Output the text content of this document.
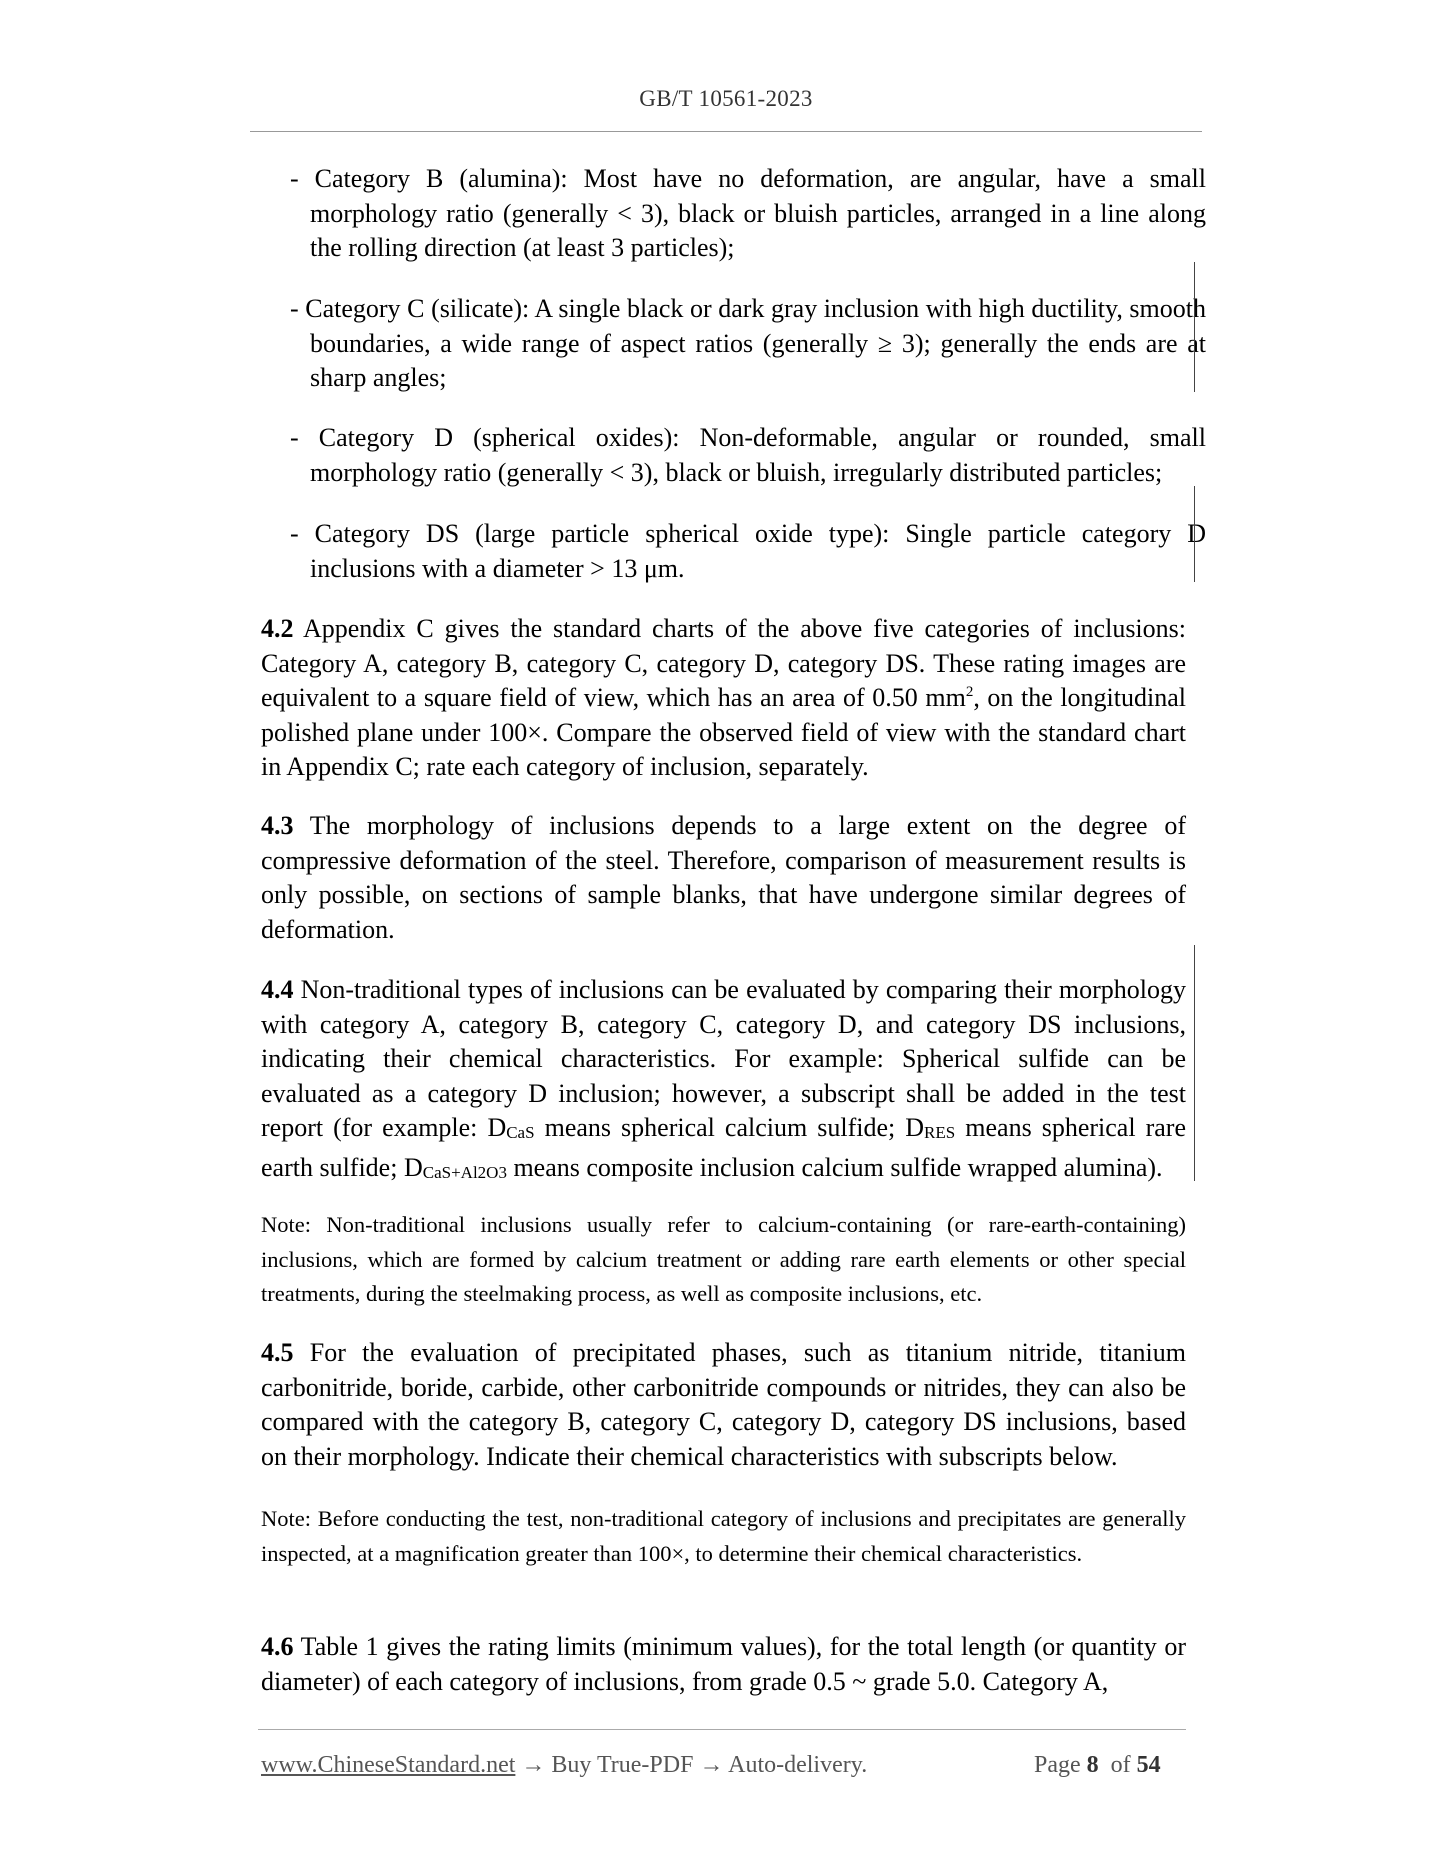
GB/T 10561-2023
- Category B (alumina): Most have no deformation, are angular, have a small morphology ratio (generally < 3), black or bluish particles, arranged in a line along the rolling direction (at least 3 particles);
- Category C (silicate): A single black or dark gray inclusion with high ductility, smooth boundaries, a wide range of aspect ratios (generally ≥ 3); generally the ends are at sharp angles;
- Category D (spherical oxides): Non-deformable, angular or rounded, small morphology ratio (generally < 3), black or bluish, irregularly distributed particles;
- Category DS (large particle spherical oxide type): Single particle category D inclusions with a diameter > 13 μm.
4.2 Appendix C gives the standard charts of the above five categories of inclusions: Category A, category B, category C, category D, category DS. These rating images are equivalent to a square field of view, which has an area of 0.50 $mm^2$, on the longitudinal polished plane under 100×. Compare the observed field of view with the standard chart in Appendix C; rate each category of inclusion, separately.
4.3 The morphology of inclusions depends to a large extent on the degree of compressive deformation of the steel. Therefore, comparison of measurement results is only possible, on sections of sample blanks, that have undergone similar degrees of deformation.
4.4 Non-traditional types of inclusions can be evaluated by comparing their morphology with category A, category B, category C, category D, and category DS inclusions, indicating their chemical characteristics. For example: Spherical sulfide can be evaluated as a category D inclusion; however, a subscript shall be added in the test report (for example: $D_{CaS}$ means spherical calcium sulfide; $D_{RES}$ means spherical rare earth sulfide; $D_{CaS+Al2O3}$ means composite inclusion calcium sulfide wrapped alumina).
Note: Non-traditional inclusions usually refer to calcium-containing (or rare-earth-containing) inclusions, which are formed by calcium treatment or adding rare earth elements or other special treatments, during the steelmaking process, as well as composite inclusions, etc.
4.5 For the evaluation of precipitated phases, such as titanium nitride, titanium carbonitride, boride, carbide, other carbonitride compounds or nitrides, they can also be compared with the category B, category C, category D, category DS inclusions, based on their morphology. Indicate their chemical characteristics with subscripts below.
Note: Before conducting the test, non-traditional category of inclusions and precipitates are generally inspected, at a magnification greater than 100×, to determine their chemical characteristics.
4.6 Table 1 gives the rating limits (minimum values), for the total length (or quantity or diameter) of each category of inclusions, from grade 0.5 ~ grade 5.0. Category A,
www.ChineseStandard.net → Buy True-PDF → Auto-delivery.	Page 8 of 54
